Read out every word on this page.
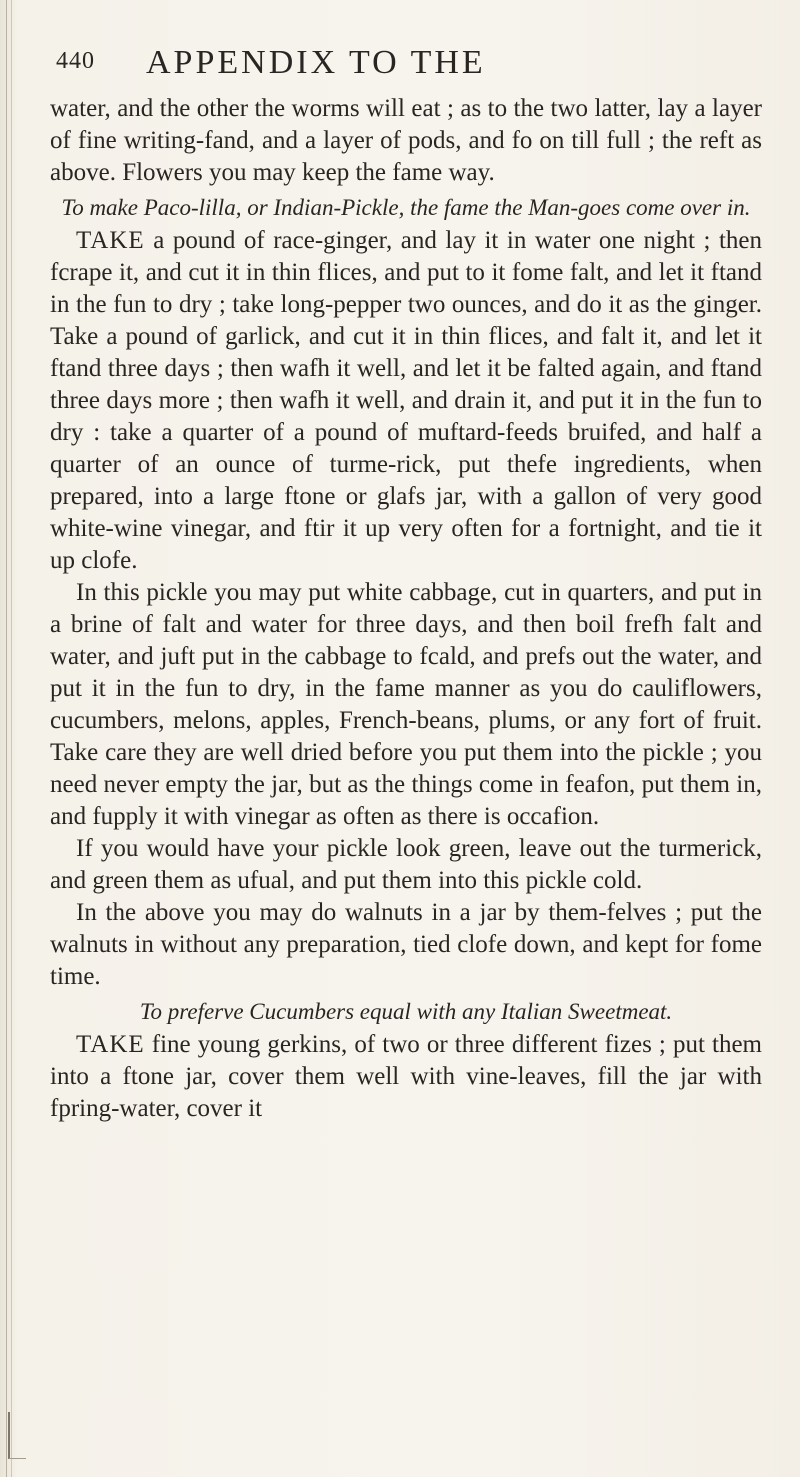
440 APPENDIX TO THE

water, and the other the worms will eat ; as to the two latter, lay a layer of fine writing-fand, and a layer of pods, and fo on till full ; the reft as above. Flowers you may keep the fame way.

To make Paco-lilla, or Indian-Pickle, the fame the Man-goes come over in.

TAKE a pound of race-ginger, and lay it in water one night ; then fcrape it, and cut it in thin flices, and put to it fome falt, and let it ftand in the fun to dry ; take long-pepper two ounces, and do it as the ginger. Take a pound of garlick, and cut it in thin flices, and falt it, and let it ftand three days ; then wafh it well, and let it be falted again, and ftand three days more ; then wafh it well, and drain it, and put it in the fun to dry : take a quarter of a pound of muftard-feeds bruifed, and half a quarter of an ounce of turme-rick, put thefe ingredients, when prepared, into a large ftone or glafs jar, with a gallon of very good white-wine vinegar, and ftir it up very often for a fortnight, and tie it up clofe.

In this pickle you may put white cabbage, cut in quarters, and put in a brine of falt and water for three days, and then boil frefh falt and water, and juft put in the cabbage to fcald, and prefs out the water, and put it in the fun to dry, in the fame manner as you do cauliflowers, cucumbers, melons, apples, French-beans, plums, or any fort of fruit. Take care they are well dried before you put them into the pickle ; you need never empty the jar, but as the things come in feafon, put them in, and fupply it with vinegar as often as there is occafion.

If you would have your pickle look green, leave out the turmerick, and green them as ufual, and put them into this pickle cold.

In the above you may do walnuts in a jar by them-felves ; put the walnuts in without any preparation, tied clofe down, and kept for fome time.

To preferve Cucumbers equal with any Italian Sweetmeat.

TAKE fine young gerkins, of two or three different fizes ; put them into a ftone jar, cover them well with vine-leaves, fill the jar with fpring-water, cover it
